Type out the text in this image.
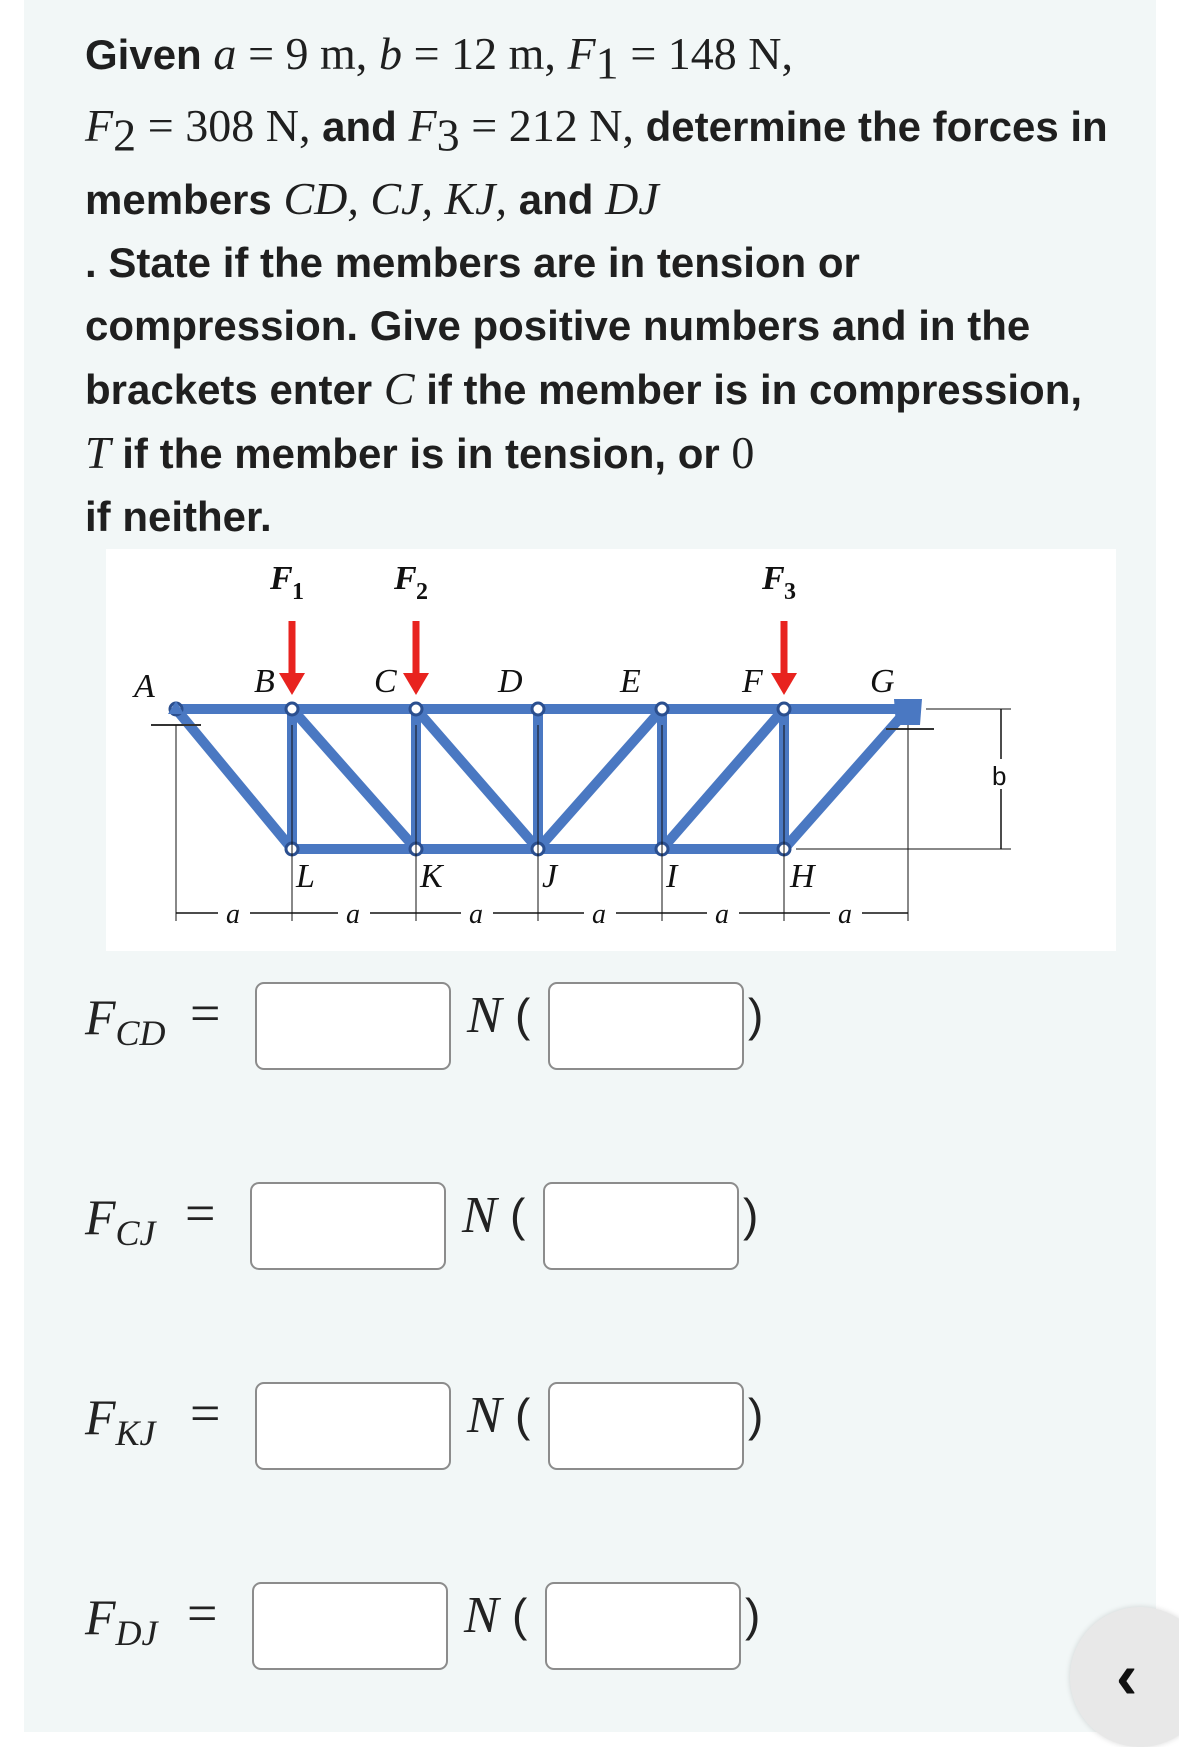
Given a = 9 m, b = 12 m, $F_1 = 148$ N,
$F_2 = 308$ N, and $F_3 = 212$ N, determine the forces in members CD, CJ, KJ, and DJ
. State if the members are in tension or compression. Give positive numbers and in the brackets enter C if the member is in compression, T if the member is in tension, or 0
if neither.
A	B	C	D	E	F	G
L	K	J	I	H
F 1	F 2	F 3
a	a	a	a	a	a
b
$F_{CD}$ =	N (	)
$F_{CJ}$ =	N (	)
$F_{KJ}$ =	N (	)
$F_{DJ}$ =	N (	)
‹
